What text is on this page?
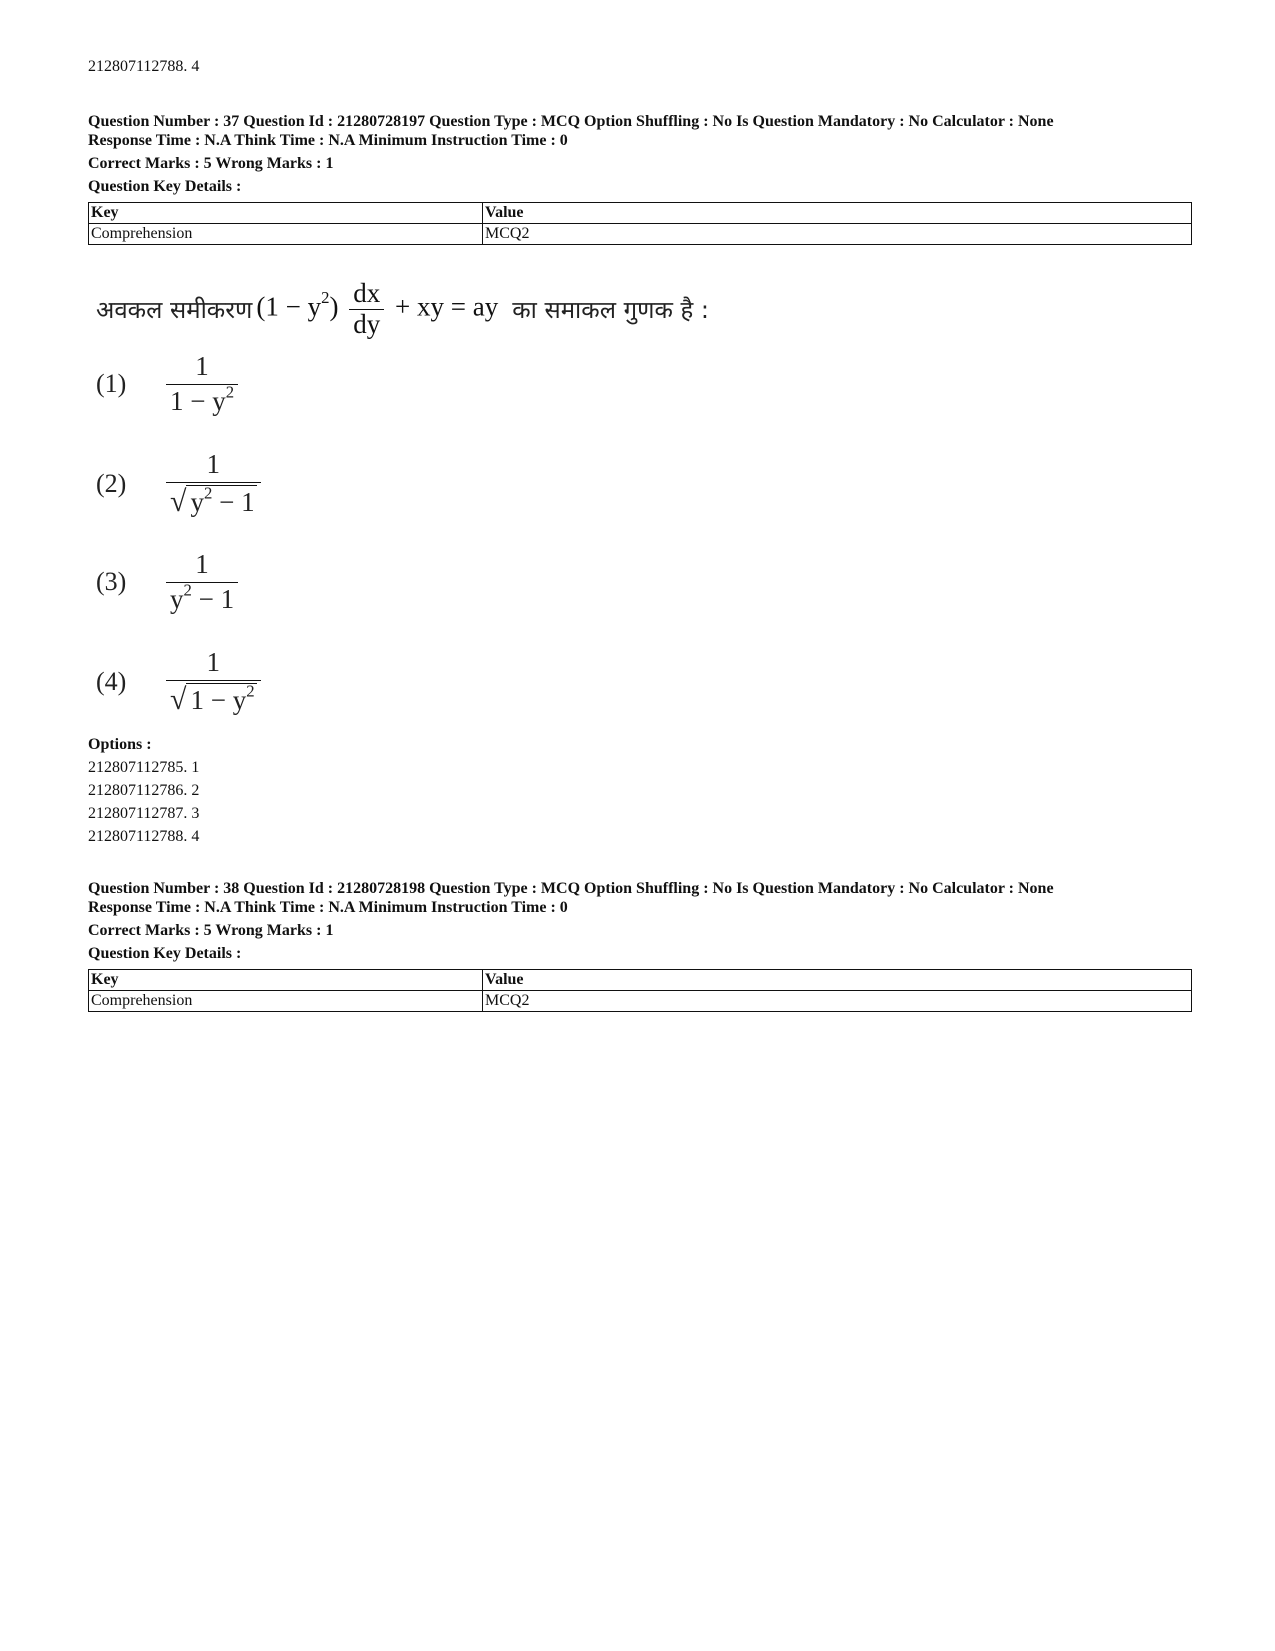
212807112788. 4
Question Number : 37 Question Id : 21280728197 Question Type : MCQ Option Shuffling : No Is Question Mandatory : No Calculator : None
Response Time : N.A Think Time : N.A Minimum Instruction Time : 0
Correct Marks : 5 Wrong Marks : 1
Question Key Details :
Key	Value
Comprehension	MCQ2
अवकल समीकरण $(1 - y^2) \frac{dx}{dy}$ + xy = ay का समाकल गुणक है :
(1)	$\frac{1}{1 - y^2}$
(2)	$\frac{1}{√ y^2 - 1}$
(3)	$\frac{1}{y^2 - 1}$
(4)	$\frac{1}{√ 1 - y^2}$
Options :
212807112785. 1
212807112786. 2
212807112787. 3
212807112788. 4
Question Number : 38 Question Id : 21280728198 Question Type : MCQ Option Shuffling : No Is Question Mandatory : No Calculator : None
Response Time : N.A Think Time : N.A Minimum Instruction Time : 0
Correct Marks : 5 Wrong Marks : 1
Question Key Details :
Key	Value
Comprehension	MCQ2
